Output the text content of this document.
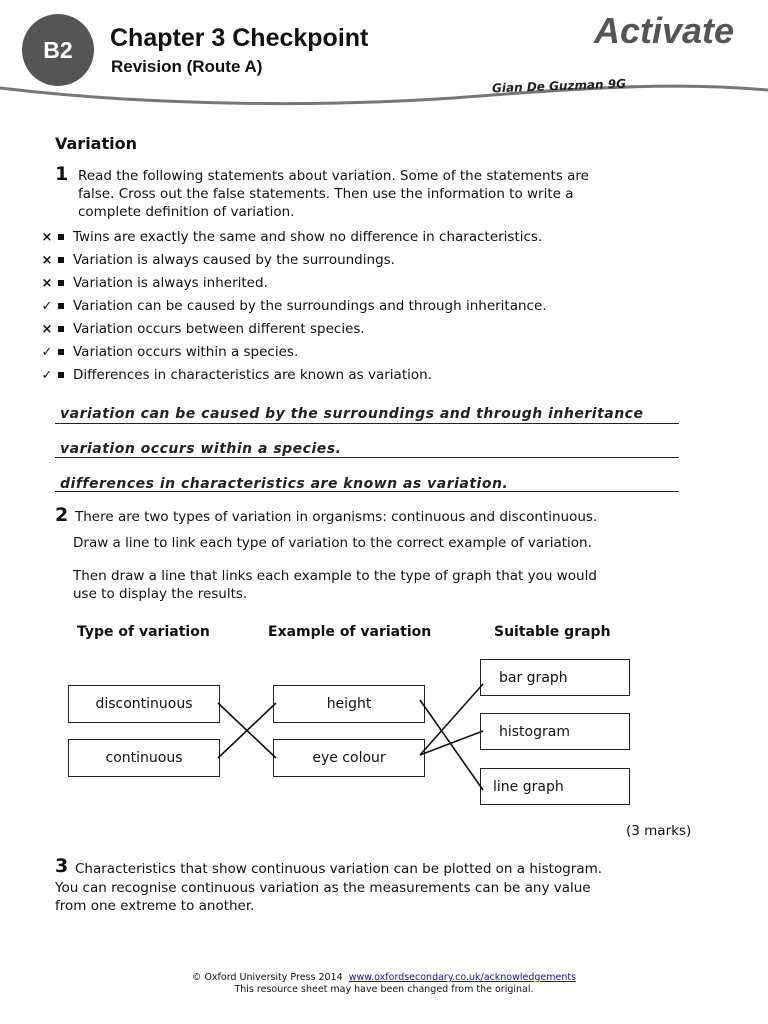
B2	Chapter 3 Checkpoint
Revision (Route A)
Activate
Gian De Guzman 9G
Variation
1 Read the following statements about variation. Some of the statements are
false. Cross out the false statements. Then use the information to write a
complete definition of variation.
× Twins are exactly the same and show no difference in characteristics.
× Variation is always caused by the surroundings.
× Variation is always inherited.
✓ Variation can be caused by the surroundings and through inheritance.
× Variation occurs between different species.
✓ Variation occurs within a species.
✓ Differences in characteristics are known as variation.
variation can be caused by the surroundings and through inheritance
variation occurs within a species.
differences in characteristics are known as variation.
2 There are two types of variation in organisms: continuous and discontinuous.
Draw a line to link each type of variation to the correct example of variation.
Then draw a line that links each example to the type of graph that you would
use to display the results.
Type of variation	Example of variation	Suitable graph
discontinuous
continuous
height
eye colour
bar graph
histogram
line graph
(3 marks)
3 Characteristics that show continuous variation can be plotted on a histogram.
You can recognise continuous variation as the measurements can be any value
from one extreme to another.
© Oxford University Press 2014 www.oxfordsecondary.co.uk/acknowledgements
This resource sheet may have been changed from the original.
